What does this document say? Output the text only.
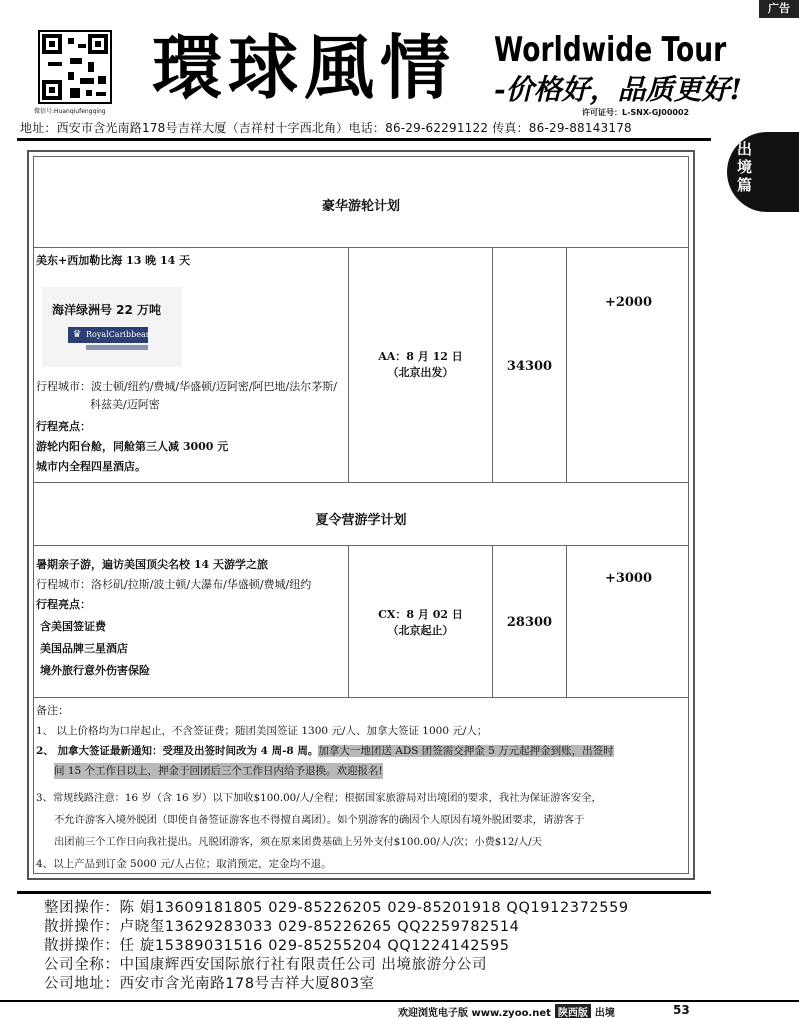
广告
微信号:Huanqiufengqing
環球風情 Worldwide Tour
-价格好，品质更好!
许可证号：L-SNX-GJ00002
地址：西安市含光南路178号吉祥大厦（吉祥村十字西北角）电话：86-29-62291122 传真：86-29-88143178
出境篇
豪华游轮计划
美东+西加勒比海 13 晚 14 天
海洋绿洲号 22 万吨
♛ RoyalCaribbean
行程城市：波士顿/纽约/费城/华盛顿/迈阿密/阿巴地/法尔茅斯/
科兹美/迈阿密
行程亮点：
游轮内阳台舱，同舱第三人减 3000 元
城市内全程四星酒店。
AA：8 月 12 日
（北京出发）	34300
+2000
夏令营游学计划
暑期亲子游，遍访美国顶尖名校 14 天游学之旅
行程城市：洛杉矶/拉斯/波士顿/大瀑布/华盛顿/费城/纽约
行程亮点：
含美国签证费
美国品牌三星酒店
境外旅行意外伤害保险
CX：8 月 02 日
（北京起止）
28300
+3000
备注：
1、 以上价格均为口岸起止，不含签证费；随团美国签证 1300 元/人、加拿大签证 1000 元/人；
2、 加拿大签证最新通知：受理及出签时间改为 4 周-8 周。加拿大一地团送 ADS 团签需交押金 5 万元起押金到账，出签时
间 15 个工作日以上，押金于回团后三个工作日内给予退换。欢迎报名!
3、常规线路注意：16 岁（含 16 岁）以下加收$100.00/人/全程；根据国家旅游局对出境团的要求，我社为保证游客安全，
不允许游客入境外脱团（即使自备签证游客也不得擅自离团）。如个别游客的确因个人原因有境外脱团要求，请游客于
出团前三个工作日向我社提出。凡脱团游客，须在原来团费基础上另外支付$100.00/人/次；小费$12/人/天
4、以上产品到订金 5000 元/人占位；取消预定，定金均不退。
整团操作：陈 娟13609181805 029-85226205 029-85201918 QQ1912372559
散拼操作：卢晓玺13629283033 029-85226265 QQ2259782514
散拼操作：任 旋15389031516 029-85255204 QQ1224142595
公司全称：中国康辉西安国际旅行社有限责任公司 出境旅游分公司
公司地址：西安市含光南路178号吉祥大厦803室
欢迎浏览电子版 www.zyoo.net 陕西版 出境	53
